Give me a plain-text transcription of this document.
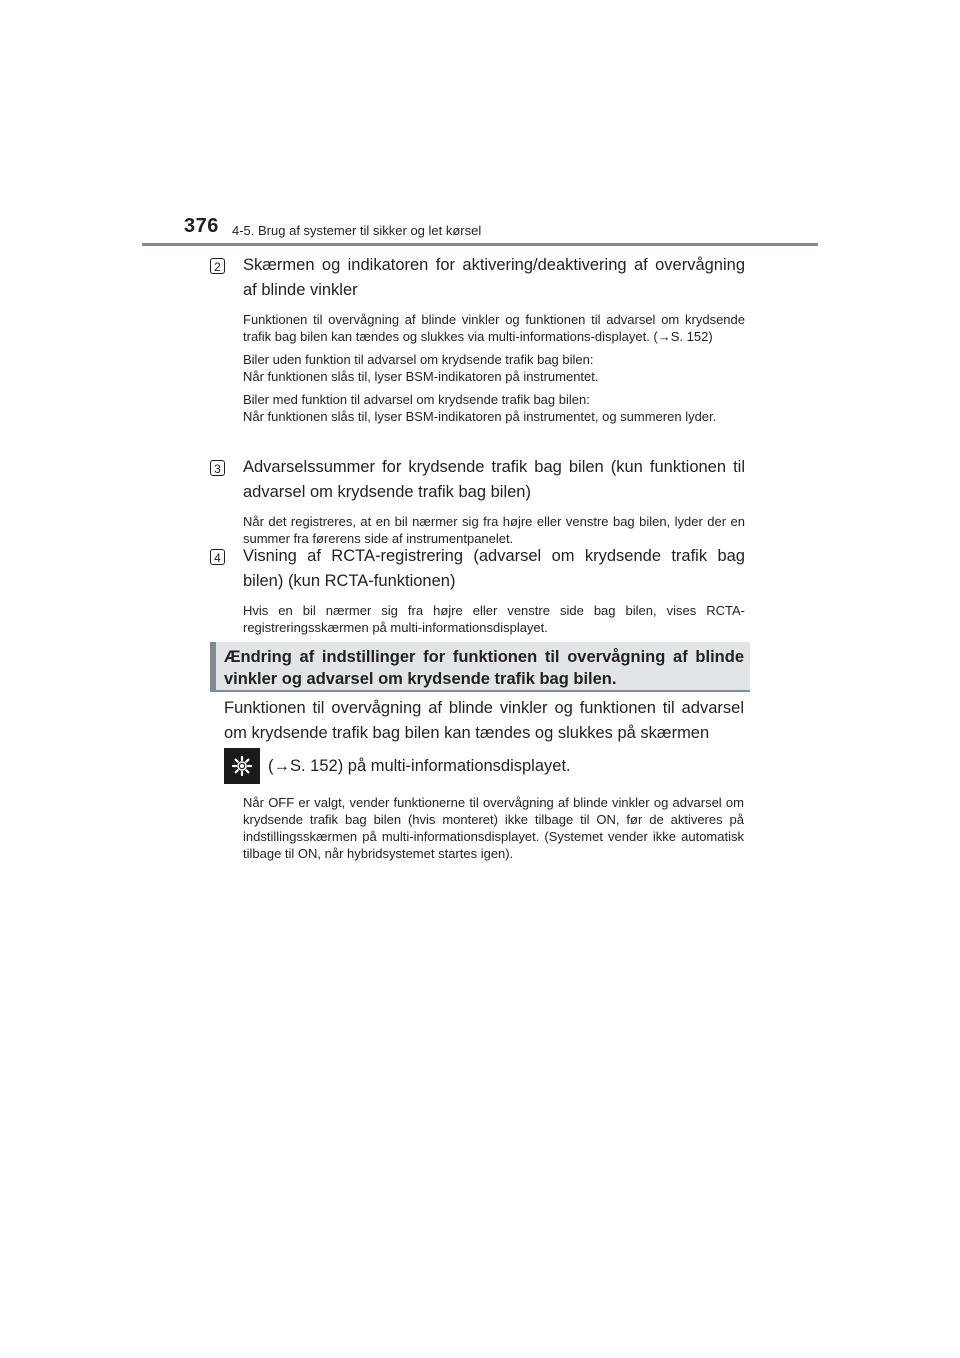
376 4-5. Brug af systemer til sikker og let kørsel
2 Skærmen og indikatoren for aktivering/deaktivering af overvågning af blinde vinkler
Funktionen til overvågning af blinde vinkler og funktionen til advarsel om krydsende trafik bag bilen kan tændes og slukkes via multi-informations-displayet. (→S. 152)
Biler uden funktion til advarsel om krydsende trafik bag bilen:
Når funktionen slås til, lyser BSM-indikatoren på instrumentet.
Biler med funktion til advarsel om krydsende trafik bag bilen:
Når funktionen slås til, lyser BSM-indikatoren på instrumentet, og summeren lyder.
3 Advarselssummer for krydsende trafik bag bilen (kun funktionen til advarsel om krydsende trafik bag bilen)
Når det registreres, at en bil nærmer sig fra højre eller venstre bag bilen, lyder der en summer fra førerens side af instrumentpanelet.
4 Visning af RCTA-registrering (advarsel om krydsende trafik bag bilen) (kun RCTA-funktionen)
Hvis en bil nærmer sig fra højre eller venstre side bag bilen, vises RCTA-registreringsskærmen på multi-informationsdisplayet.
Ændring af indstillinger for funktionen til overvågning af blinde vinkler og advarsel om krydsende trafik bag bilen.
Funktionen til overvågning af blinde vinkler og funktionen til advarsel om krydsende trafik bag bilen kan tændes og slukkes på skærmen
(→S. 152) på multi-informationsdisplayet.
Når OFF er valgt, vender funktionerne til overvågning af blinde vinkler og advarsel om krydsende trafik bag bilen (hvis monteret) ikke tilbage til ON, før de aktiveres på indstillingsskærmen på multi-informationsdisplayet. (Systemet vender ikke automatisk tilbage til ON, når hybridsystemet startes igen).
